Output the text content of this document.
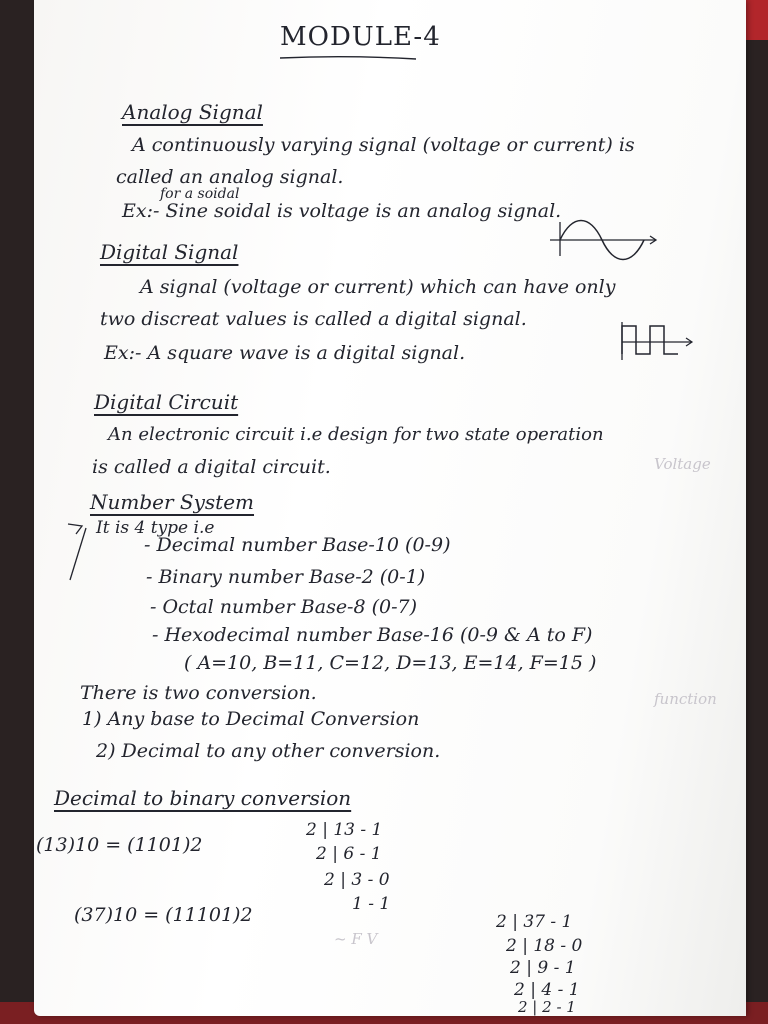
Voltage
function
~ F V
MODULE-4
Analog Signal
A continuously varying signal (voltage or current) is
called an analog signal.
for a soidal
Ex:- Sine soidal is voltage is an analog signal.
Digital Signal
A signal (voltage or current) which can have only
two discreat values is called a digital signal.
Ex:- A square wave is a digital signal.
Digital Circuit
An electronic circuit i.e design for two state operation
is called a digital circuit.
Number System
It is 4 type i.e
- Decimal number Base-10 (0-9)
- Binary number Base-2 (0-1)
- Octal number Base-8 (0-7)
- Hexodecimal number Base-16 (0-9 & A to F)
( A=10, B=11, C=12, D=13, E=14, F=15 )
There is two conversion.
1) Any base to Decimal Conversion
2) Decimal to any other conversion.
Decimal to binary conversion
(13)10 = (1101)2
2 | 13 - 1
2 | 6 - 1
2 | 3 - 0
1 - 1
(37)10 = (11101)2	2 | 37 - 1
2 | 18 - 0
2 | 9 - 1
2 | 4 - 1
2 | 2 - 1
